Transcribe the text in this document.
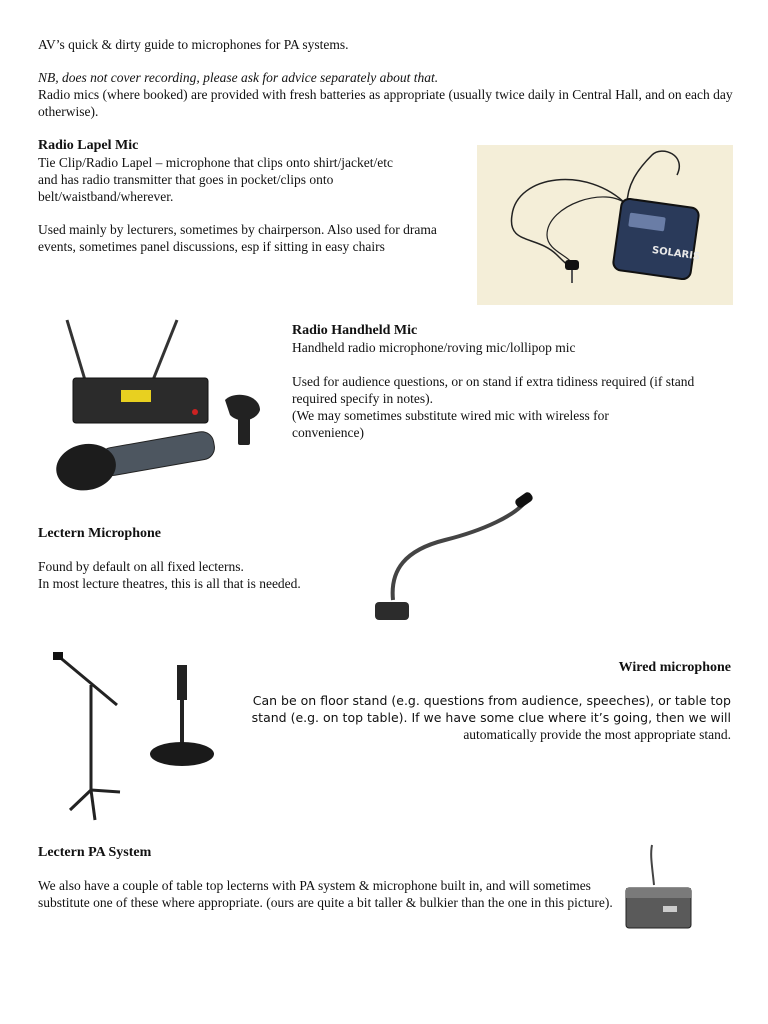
AV’s quick & dirty guide to microphones for PA systems.

NB, does not cover recording, please ask for advice separately about that.

Radio mics (where booked) are provided with fresh batteries as appropriate (usually twice daily in Central Hall, and on each day otherwise).

Radio Lapel Mic

Tie Clip/Radio Lapel – microphone that clips onto shirt/jacket/etc

and has radio transmitter that goes in pocket/clips onto

belt/waistband/wherever.

Used mainly by lecturers, sometimes by chairperson. Also used for drama events, sometimes panel discussions, esp if sitting in easy chairs	SOLARIS

Radio Handheld Mic

Handheld radio microphone/roving mic/lollipop mic

Used for audience questions, or on stand if extra tidiness required (if stand required specify in notes).

(We may sometimes substitute wired mic with wireless for convenience)

Lectern Microphone

Found by default on all fixed lecterns.

In most lecture theatres, this is all that is needed.

Wired microphone

Can be on floor stand (e.g. questions from audience, speeches), or table top

stand (e.g. on top table). If we have some clue where it’s going, then we will

automatically provide the most appropriate stand.

Lectern PA System

We also have a couple of table top lecterns with PA system & microphone built in, and will sometimes substitute one of these where appropriate. (ours are quite a bit taller & bulkier than the one in this picture).
